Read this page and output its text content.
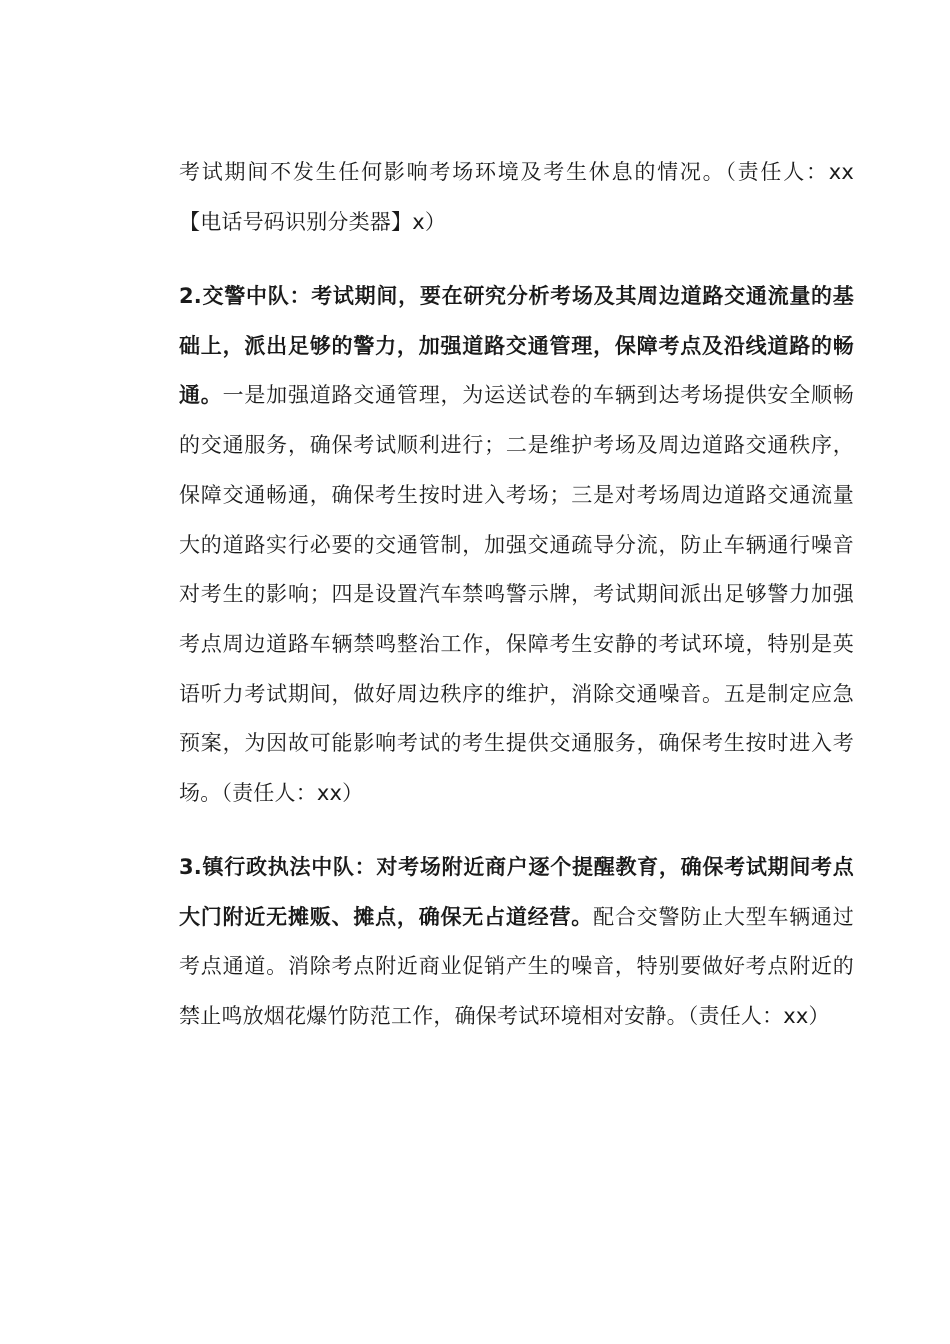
考试期间不发生任何影响考场环境及考生休息的情况。（责任人：xx 【电话号码识别分类器】x）

2.交警中队：考试期间，要在研究分析考场及其周边道路交通流量的基础上，派出足够的警力，加强道路交通管理，保障考点及沿线道路的畅通。一是加强道路交通管理，为运送试卷的车辆到达考场提供安全顺畅的交通服务，确保考试顺利进行；二是维护考场及周边道路交通秩序，保障交通畅通，确保考生按时进入考场；三是对考场周边道路交通流量大的道路实行必要的交通管制，加强交通疏导分流，防止车辆通行噪音对考生的影响；四是设置汽车禁鸣警示牌，考试期间派出足够警力加强考点周边道路车辆禁鸣整治工作，保障考生安静的考试环境，特别是英语听力考试期间，做好周边秩序的维护，消除交通噪音。五是制定应急预案，为因故可能影响考试的考生提供交通服务，确保考生按时进入考场。（责任人：xx）

3.镇行政执法中队：对考场附近商户逐个提醒教育，确保考试期间考点大门附近无摊贩、摊点，确保无占道经营。配合交警防止大型车辆通过考点通道。消除考点附近商业促销产生的噪音，特别要做好考点附近的禁止鸣放烟花爆竹防范工作，确保考试环境相对安静。（责任人：xx）
